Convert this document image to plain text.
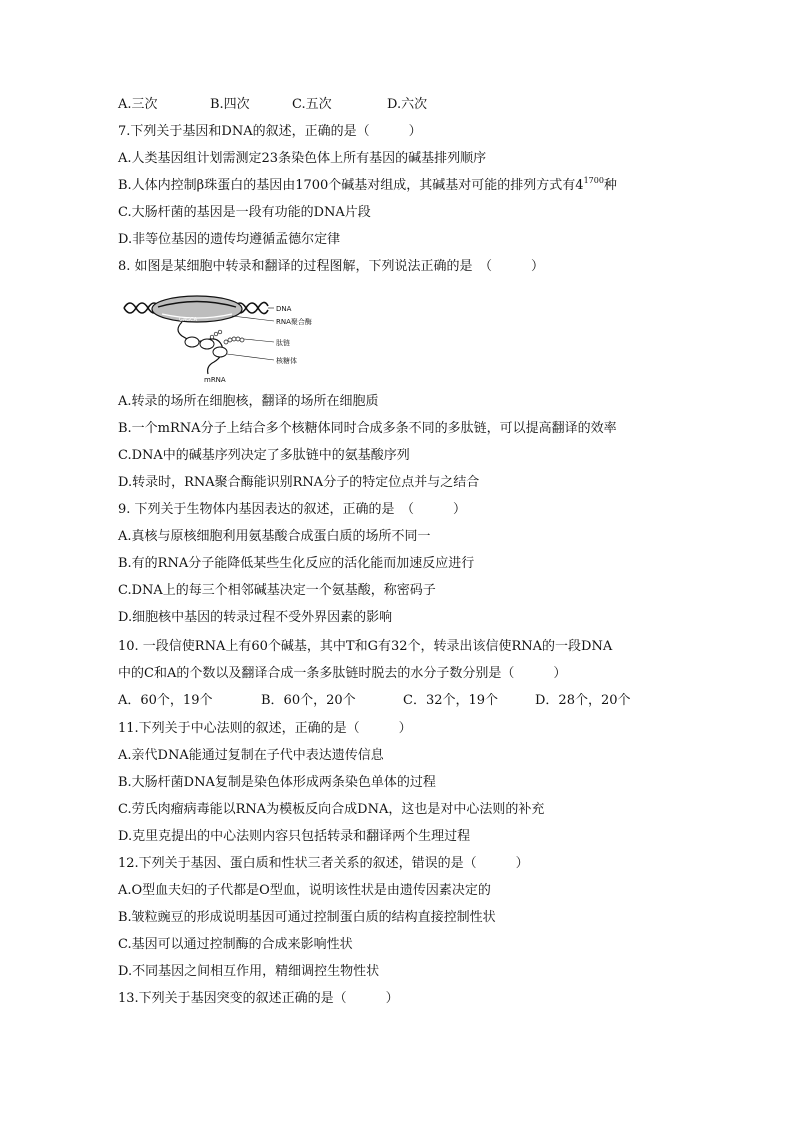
A.三次	B.四次	C.五次	D.六次
7.下列关于基因和DNA的叙述，正确的是（　　　）
A.人类基因组计划需测定23条染色体上所有基因的碱基排列顺序
B.人体内控制β珠蛋白的基因由1700个碱基对组成，其碱基对可能的排列方式有$4^{1700}$种
C.大肠杆菌的基因是一段有功能的DNA片段
D.非等位基因的遗传均遵循孟德尔定律
8. 如图是某细胞中转录和翻译的过程图解，下列说法正确的是　（　　　）
GAGCA
DNA
RNA聚合酶
肽链
核糖体
mRNA
A.转录的场所在细胞核，翻译的场所在细胞质
B.一个mRNA分子上结合多个核糖体同时合成多条不同的多肽链，可以提高翻译的效率
C.DNA中的碱基序列决定了多肽链中的氨基酸序列
D.转录时，RNA聚合酶能识别RNA分子的特定位点并与之结合
9. 下列关于生物体内基因表达的叙述，正确的是　（　　　）
A.真核与原核细胞利用氨基酸合成蛋白质的场所不同一
B.有的RNA分子能降低某些生化反应的活化能而加速反应进行
C.DNA上的每三个相邻碱基决定一个氨基酸，称密码子
D.细胞核中基因的转录过程不受外界因素的影响
10. 一段信使RNA上有60个碱基，其中T和G有32个，转录出该信使RNA的一段DNA
中的C和A的个数以及翻译合成一条多肽链时脱去的水分子数分别是（　　　）
A．60个，19个	B．60个，20个	C．32个，19个	D．28个，20个
11.下列关于中心法则的叙述，正确的是（　　　）
A.亲代DNA能通过复制在子代中表达遗传信息
B.大肠杆菌DNA复制是染色体形成两条染色单体的过程
C.劳氏肉瘤病毒能以RNA为模板反向合成DNA，这也是对中心法则的补充
D.克里克提出的中心法则内容只包括转录和翻译两个生理过程
12.下列关于基因、蛋白质和性状三者关系的叙述，错误的是（　　　）
A.O型血夫妇的子代都是O型血，说明该性状是由遗传因素决定的
B.皱粒豌豆的形成说明基因可通过控制蛋白质的结构直接控制性状
C.基因可以通过控制酶的合成来影响性状
D.不同基因之间相互作用，精细调控生物性状
13.下列关于基因突变的叙述正确的是（　　　）
